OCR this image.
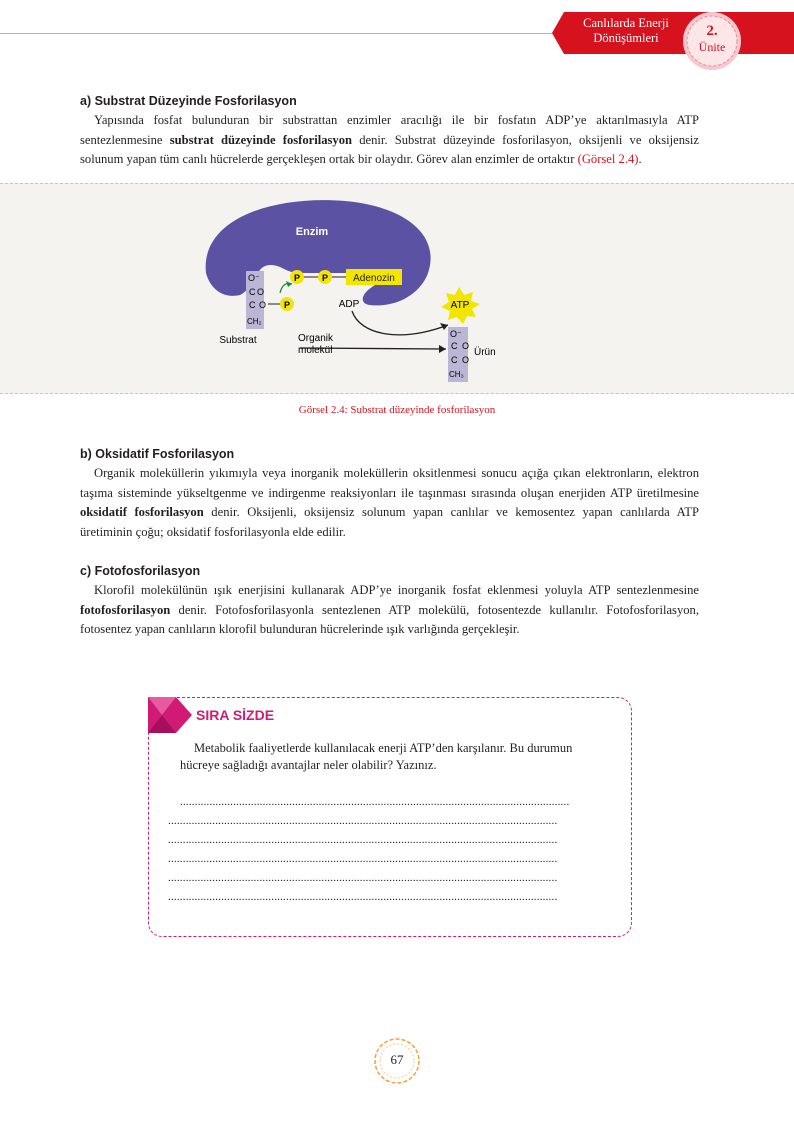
Canlılarda Enerji
Dönüşümleri	2.
Ünite
a) Substrat Düzeyinde Fosforilasyon

Yapısında fosfat bulunduran bir substrattan enzimler aracılığı ile bir fosfatın ADP’ye aktarılmasıyla ATP sentezlenmesine substrat düzeyinde fosforilasyon denir. Substrat düzeyinde fosforilasyon, oksijenli ve oksijensiz solunum yapan tüm canlı hücrelerde gerçekleşen ortak bir olaydır. Görev alan enzimler de ortaktır (Görsel 2.4).

Enzim
Adenozin
P P
O⁻
C
C
CH₂
O
O P
Substrat
ADP
Organik
molekül
ATP
O⁻
C O
C O
CH₃
Ürün
Görsel 2.4: Substrat düzeyinde fosforilasyon
b) Oksidatif Fosforilasyon

Organik moleküllerin yıkımıyla veya inorganik moleküllerin oksitlenmesi sonucu açığa çıkan elektronların, elektron taşıma sisteminde yükseltgenme ve indirgenme reaksiyonları ile taşınması sırasında oluşan enerjiden ATP üretilmesine oksidatif fosforilasyon denir. Oksijenli, oksijensiz solunum yapan canlılar ve kemosentez yapan canlılarda ATP üretiminin çoğu; oksidatif fosforilasyonla elde edilir.

c) Fotofosforilasyon

Klorofil molekülünün ışık enerjisini kullanarak ADP’ye inorganik fosfat eklenmesi yoluyla ATP sentezlenmesine fotofosforilasyon denir. Fotofosforilasyonla sentezlenen ATP molekülü, fotosentezde kullanılır. Fotofosforilasyon, fotosentez yapan canlıların klorofil bulunduran hücrelerinde ışık varlığında gerçekleşir.

SIRA SİZDE

Metabolik faaliyetlerde kullanılacak enerji ATP’den karşılanır. Bu durumun hücreye sağladığı avantajlar neler olabilir? Yazınız.

....................................................................................................................................
....................................................................................................................................
....................................................................................................................................
....................................................................................................................................
....................................................................................................................................
....................................................................................................................................
67
